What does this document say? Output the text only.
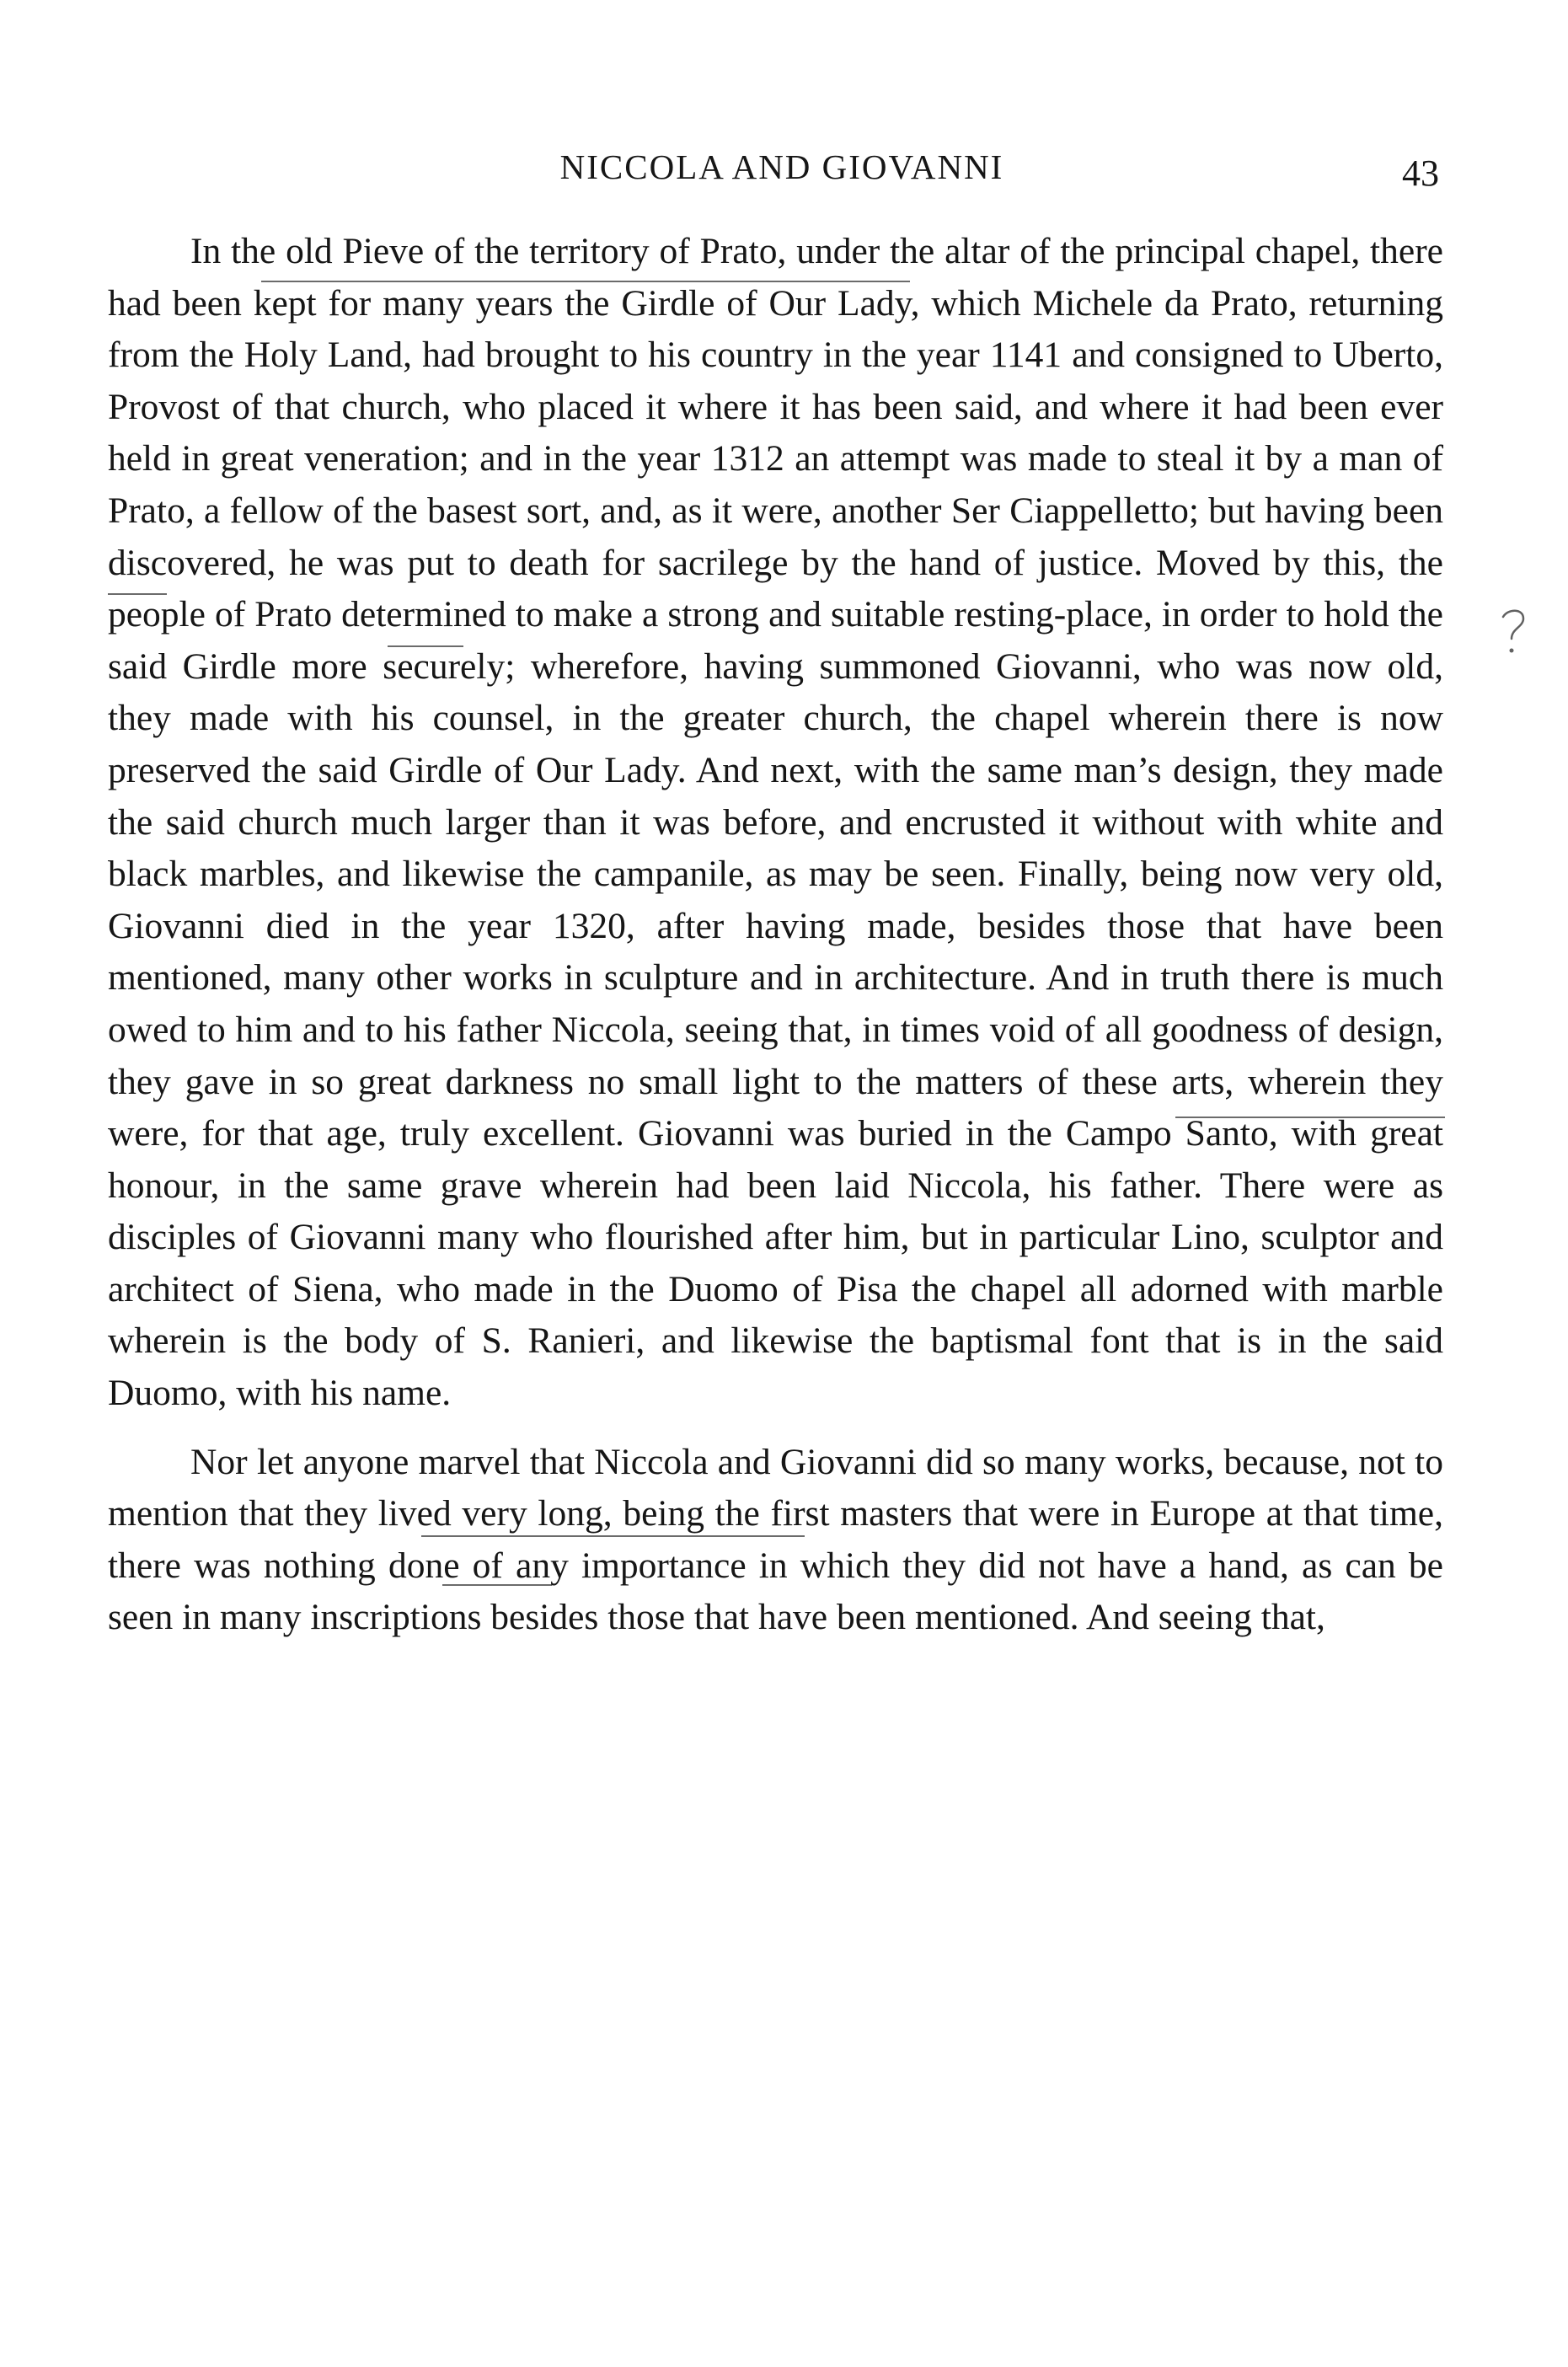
NICCOLA AND GIOVANNI	43

In the old Pieve of the territory of Prato, under the altar of the principal chapel, there had been kept for many years the Girdle of Our Lady, which Michele da Prato, returning from the Holy Land, had brought to his country in the year 1141 and consigned to Uberto, Provost of that church, who placed it where it has been said, and where it had been ever held in great veneration; and in the year 1312 an attempt was made to steal it by a man of Prato, a fellow of the basest sort, and, as it were, another Ser Ciappelletto; but having been discovered, he was put to death for sacrilege by the hand of justice. Moved by this, the people of Prato determined to make a strong and suitable resting-place, in order to hold the said Girdle more securely; wherefore, having summoned Giovanni, who was now old, they made with his counsel, in the greater church, the chapel wherein there is now preserved the said Girdle of Our Lady. And next, with the same man’s design, they made the said church much larger than it was before, and encrusted it without with white and black marbles, and likewise the campanile, as may be seen. Finally, being now very old, Giovanni died in the year 1320, after having made, besides those that have been mentioned, many other works in sculpture and in architecture. And in truth there is much owed to him and to his father Niccola, seeing that, in times void of all goodness of design, they gave in so great darkness no small light to the matters of these arts, wherein they were, for that age, truly excellent. Giovanni was buried in the Campo Santo, with great honour, in the same grave wherein had been laid Niccola, his father. There were as disciples of Giovanni many who flourished after him, but in particular Lino, sculptor and architect of Siena, who made in the Duomo of Pisa the chapel all adorned with marble wherein is the body of S. Ranieri, and likewise the baptismal font that is in the said Duomo, with his name.

Nor let anyone marvel that Niccola and Giovanni did so many works, because, not to mention that they lived very long, being the first masters that were in Europe at that time, there was nothing done of any importance in which they did not have a hand, as can be seen in many inscriptions besides those that have been mentioned. And seeing that,
